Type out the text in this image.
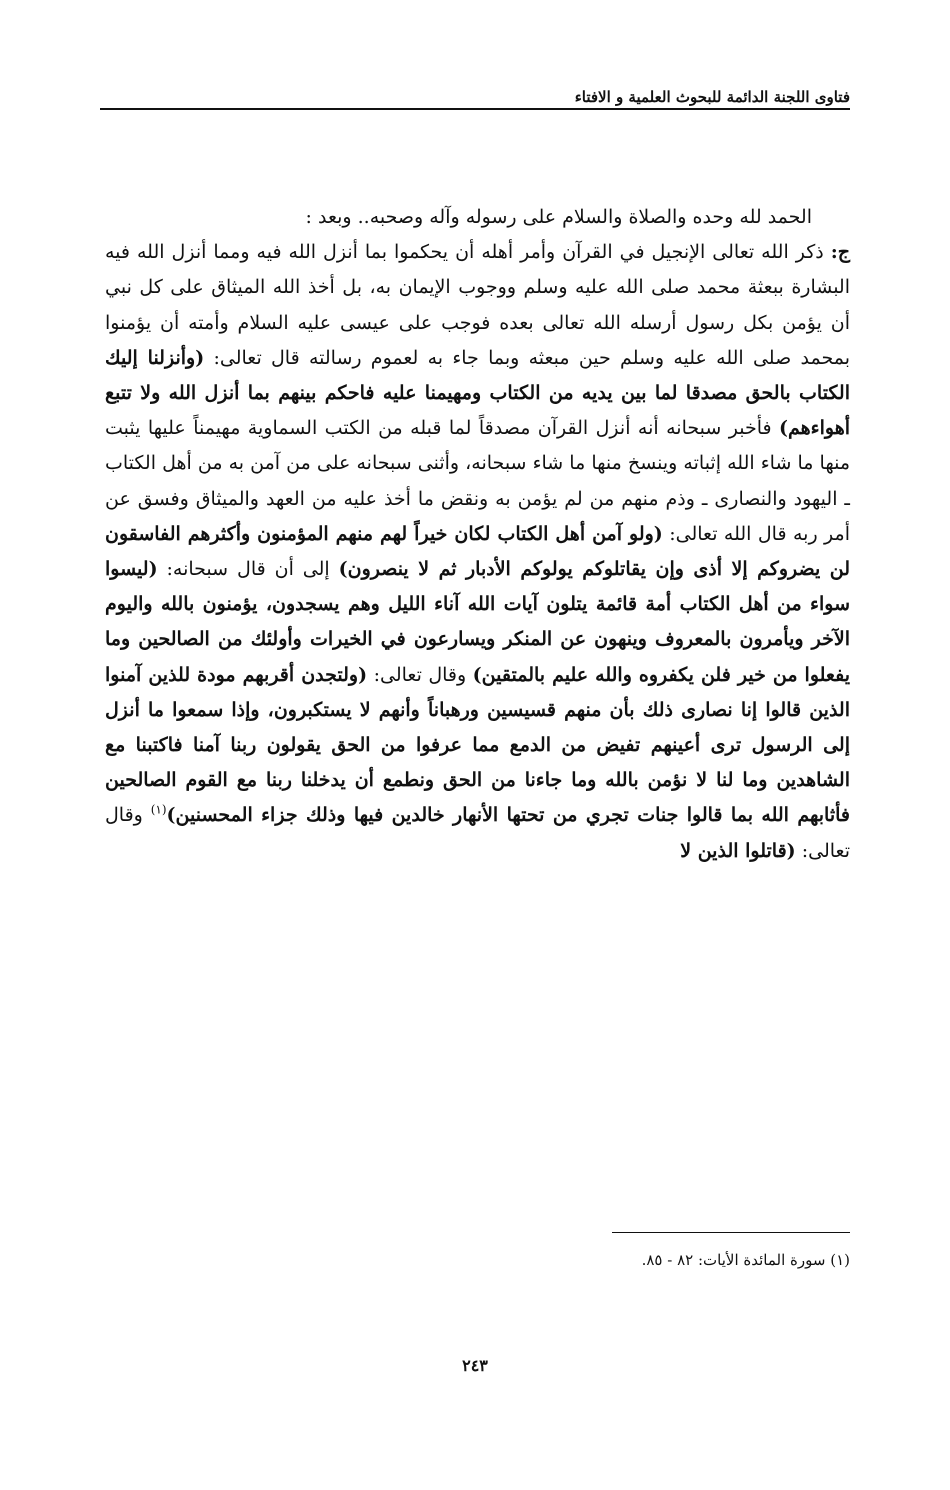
فتاوى اللجنة الدائمة للبحوث العلمية و الافتاء

الحمد لله وحده والصلاة والسلام على رسوله وآله وصحبه.. وبعد :

ج: ذكر الله تعالى الإنجيل في القرآن وأمر أهله أن يحكموا بما أنزل الله فيه ومما أنزل الله فيه البشارة ببعثة محمد صلى الله عليه وسلم ووجوب الإيمان به، بل أخذ الله الميثاق على كل نبي أن يؤمن بكل رسول أرسله الله تعالى بعده فوجب على عيسى عليه السلام وأمته أن يؤمنوا بمحمد صلى الله عليه وسلم حين مبعثه وبما جاء به لعموم رسالته قال تعالى: (وأنزلنا إليك الكتاب بالحق مصدقا لما بين يديه من الكتاب ومهيمنا عليه فاحكم بينهم بما أنزل الله ولا تتبع أهواءهم) فأخبر سبحانه أنه أنزل القرآن مصدقاً لما قبله من الكتب السماوية مهيمناً عليها يثبت منها ما شاء الله إثباته وينسخ منها ما شاء سبحانه، وأثنى سبحانه على من آمن به من أهل الكتاب ـ اليهود والنصارى ـ وذم منهم من لم يؤمن به ونقض ما أخذ عليه من العهد والميثاق وفسق عن أمر ربه قال الله تعالى: (ولو آمن أهل الكتاب لكان خيراً لهم منهم المؤمنون وأكثرهم الفاسقون لن يضروكم إلا أذى وإن يقاتلوكم يولوكم الأدبار ثم لا ينصرون) إلى أن قال سبحانه: (ليسوا سواء من أهل الكتاب أمة قائمة يتلون آيات الله آناء الليل وهم يسجدون، يؤمنون بالله واليوم الآخر ويأمرون بالمعروف وينهون عن المنكر ويسارعون في الخيرات وأولئك من الصالحين وما يفعلوا من خير فلن يكفروه والله عليم بالمتقين) وقال تعالى: (ولتجدن أقربهم مودة للذين آمنوا الذين قالوا إنا نصارى ذلك بأن منهم قسيسين ورهباناً وأنهم لا يستكبرون، وإذا سمعوا ما أنزل إلى الرسول ترى أعينهم تفيض من الدمع مما عرفوا من الحق يقولون ربنا آمنا فاكتبنا مع الشاهدين وما لنا لا نؤمن بالله وما جاءنا من الحق ونطمع أن يدخلنا ربنا مع القوم الصالحين فأثابهم الله بما قالوا جنات تجري من تحتها الأنهار خالدين فيها وذلك جزاء المحسنين)$^{(١)}$ وقال تعالى: (قاتلوا الذين لا

(١) سورة المائدة الأيات: ٨٢ - ٨٥.
٢٤٣
